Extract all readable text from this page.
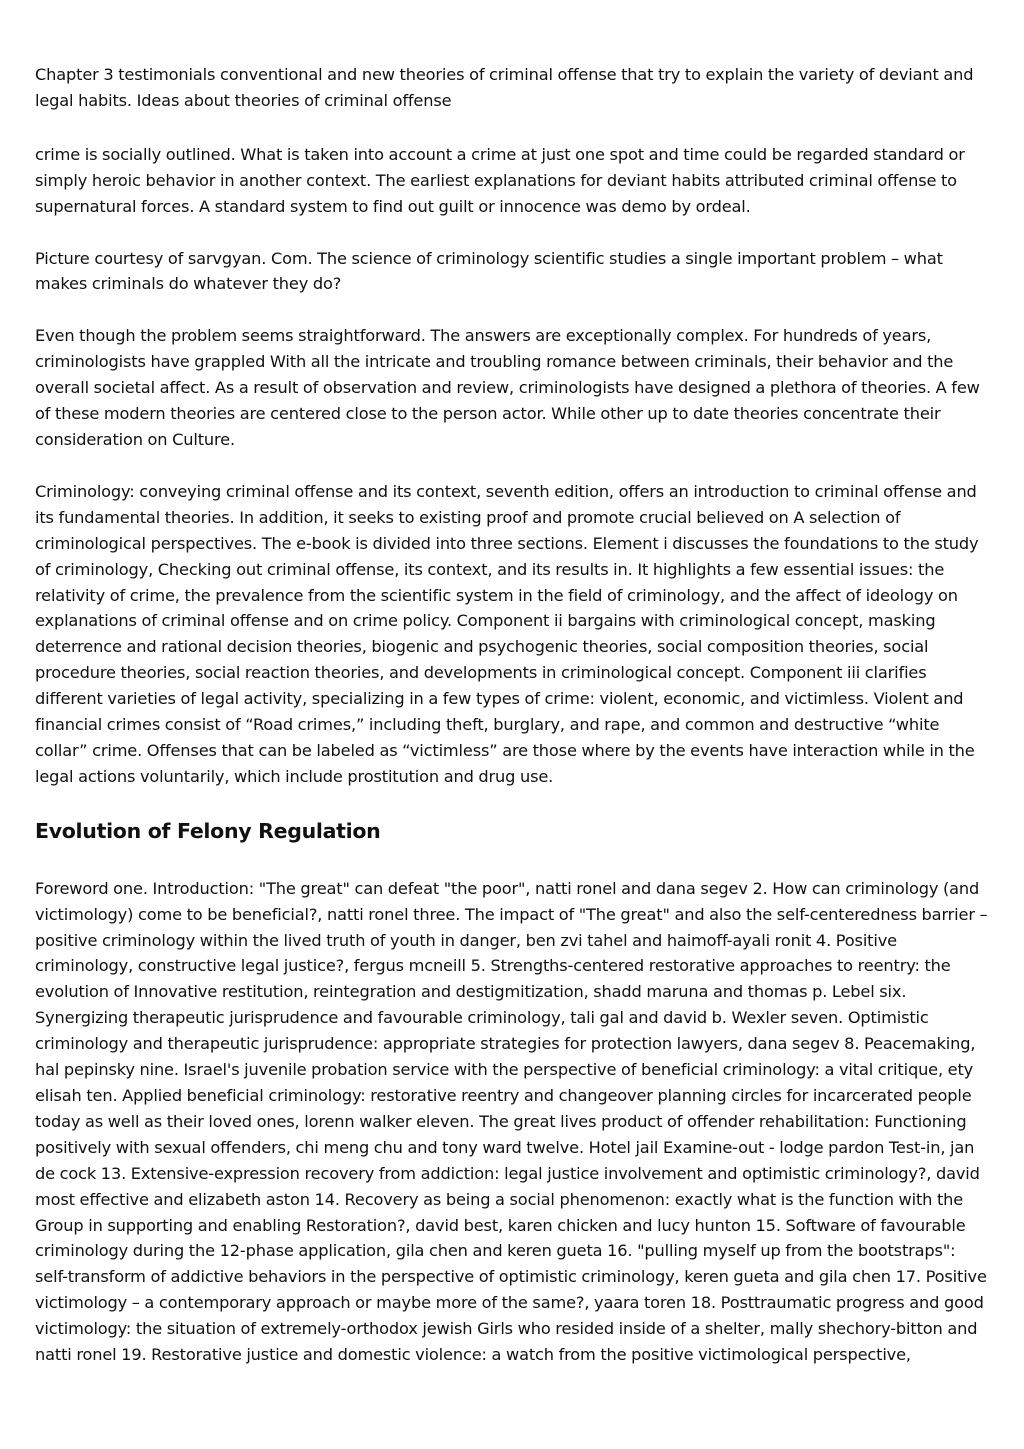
Chapter 3 testimonials conventional and new theories of criminal offense that try to explain the variety of deviant and legal habits. Ideas about theories of criminal offense

crime is socially outlined. What is taken into account a crime at just one spot and time could be regarded standard or simply heroic behavior in another context. The earliest explanations for deviant habits attributed criminal offense to supernatural forces. A standard system to find out guilt or innocence was demo by ordeal.

Picture courtesy of sarvgyan. Com. The science of criminology scientific studies a single important problem – what makes criminals do whatever they do?

Even though the problem seems straightforward. The answers are exceptionally complex. For hundreds of years, criminologists have grappled With all the intricate and troubling romance between criminals, their behavior and the overall societal affect. As a result of observation and review, criminologists have designed a plethora of theories. A few of these modern theories are centered close to the person actor. While other up to date theories concentrate their consideration on Culture.

Criminology: conveying criminal offense and its context, seventh edition, offers an introduction to criminal offense and its fundamental theories. In addition, it seeks to existing proof and promote crucial believed on A selection of criminological perspectives. The e-book is divided into three sections. Element i discusses the foundations to the study of criminology, Checking out criminal offense, its context, and its results in. It highlights a few essential issues: the relativity of crime, the prevalence from the scientific system in the field of criminology, and the affect of ideology on explanations of criminal offense and on crime policy. Component ii bargains with criminological concept, masking deterrence and rational decision theories, biogenic and psychogenic theories, social composition theories, social procedure theories, social reaction theories, and developments in criminological concept. Component iii clarifies different varieties of legal activity, specializing in a few types of crime: violent, economic, and victimless. Violent and financial crimes consist of “Road crimes,” including theft, burglary, and rape, and common and destructive “white collar” crime. Offenses that can be labeled as “victimless” are those where by the events have interaction while in the legal actions voluntarily, which include prostitution and drug use.

Evolution of Felony Regulation

Foreword one. Introduction: "The great" can defeat "the poor", natti ronel and dana segev 2. How can criminology (and victimology) come to be beneficial?, natti ronel three. The impact of "The great" and also the self-centeredness barrier – positive criminology within the lived truth of youth in danger, ben zvi tahel and haimoff-ayali ronit 4. Positive criminology, constructive legal justice?, fergus mcneill 5. Strengths-centered restorative approaches to reentry: the evolution of Innovative restitution, reintegration and destigmitization, shadd maruna and thomas p. Lebel six. Synergizing therapeutic jurisprudence and favourable criminology, tali gal and david b. Wexler seven. Optimistic criminology and therapeutic jurisprudence: appropriate strategies for protection lawyers, dana segev 8. Peacemaking, hal pepinsky nine. Israel's juvenile probation service with the perspective of beneficial criminology: a vital critique, ety elisah ten. Applied beneficial criminology: restorative reentry and changeover planning circles for incarcerated people today as well as their loved ones, lorenn walker eleven. The great lives product of offender rehabilitation: Functioning positively with sexual offenders, chi meng chu and tony ward twelve. Hotel jail Examine-out - lodge pardon Test-in, jan de cock 13. Extensive-expression recovery from addiction: legal justice involvement and optimistic criminology?, david most effective and elizabeth aston 14. Recovery as being a social phenomenon: exactly what is the function with the Group in supporting and enabling Restoration?, david best, karen chicken and lucy hunton 15. Software of favourable criminology during the 12-phase application, gila chen and keren gueta 16. "pulling myself up from the bootstraps": self-transform of addictive behaviors in the perspective of optimistic criminology, keren gueta and gila chen 17. Positive victimology – a contemporary approach or maybe more of the same?, yaara toren 18. Posttraumatic progress and good victimology: the situation of extremely-orthodox jewish Girls who resided inside of a shelter, mally shechory-bitton and natti ronel 19. Restorative justice and domestic violence: a watch from the positive victimological perspective,
